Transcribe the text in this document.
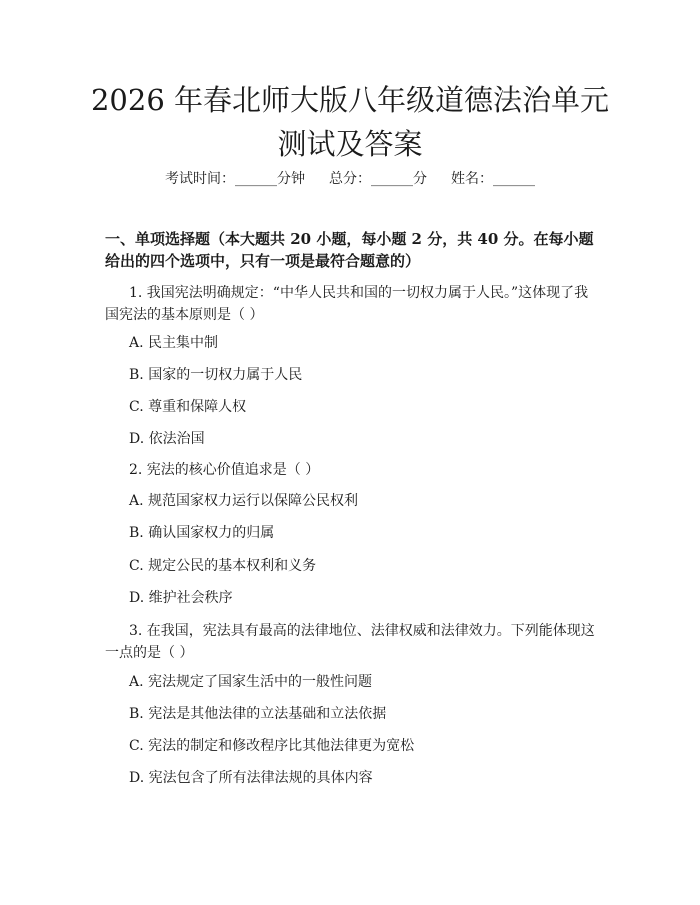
2026 年春北师大版八年级道德法治单元测试及答案
考试时间：______分钟 总分：______分 姓名：______

一、单项选择题（本大题共 20 小题，每小题 2 分，共 40 分。在每小题给出的四个选项中，只有一项是最符合题意的）

1. 我国宪法明确规定：“中华人民共和国的一切权力属于人民。”这体现了我国宪法的基本原则是（ ）

A. 民主集中制
B. 国家的一切权力属于人民
C. 尊重和保障人权
D. 依法治国

2. 宪法的核心价值追求是（ ）

A. 规范国家权力运行以保障公民权利
B. 确认国家权力的归属
C. 规定公民的基本权利和义务
D. 维护社会秩序

3. 在我国，宪法具有最高的法律地位、法律权威和法律效力。下列能体现这一点的是（ ）

A. 宪法规定了国家生活中的一般性问题
B. 宪法是其他法律的立法基础和立法依据
C. 宪法的制定和修改程序比其他法律更为宽松
D. 宪法包含了所有法律法规的具体内容
